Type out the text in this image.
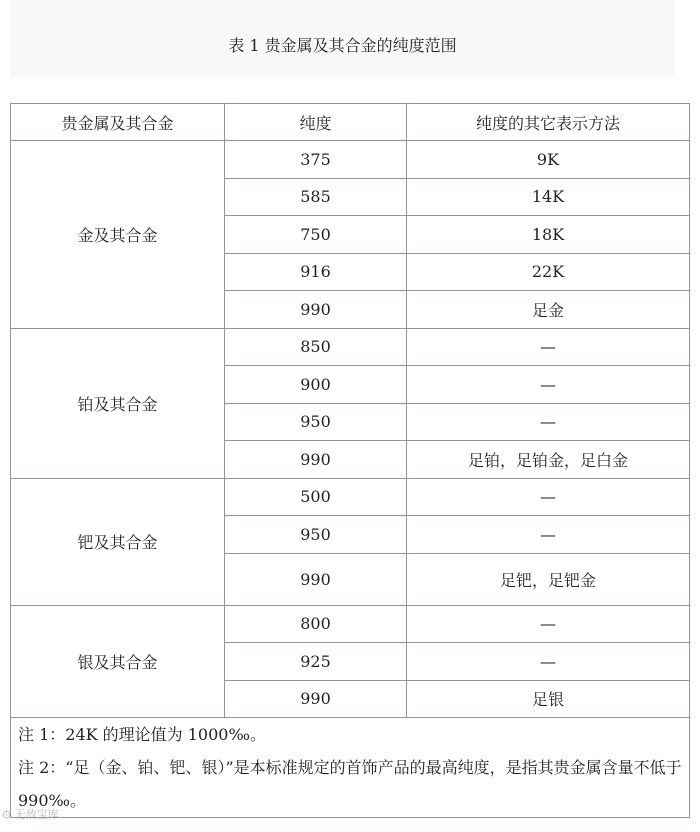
表 1 贵金属及其合金的纯度范围
贵金属及其合金	纯度	纯度的其它表示方法
金及其合金	375	9K
	585	14K
	750	18K
	916	22K
	990	足金
铂及其合金	850	—
	900	—
	950	—
	990	足铂，足铂金，足白金
钯及其合金	500	—
	950	—
	990	足钯，足钯金
银及其合金	800	—
	925	—
	990	足银

注 1：24K 的理论值为 1000‰。

注 2：“足（金、铂、钯、银）”是本标准规定的首饰产品的最高纯度，是指其贵金属含量不低于 990‰。		

⊙ 无敌宝库
